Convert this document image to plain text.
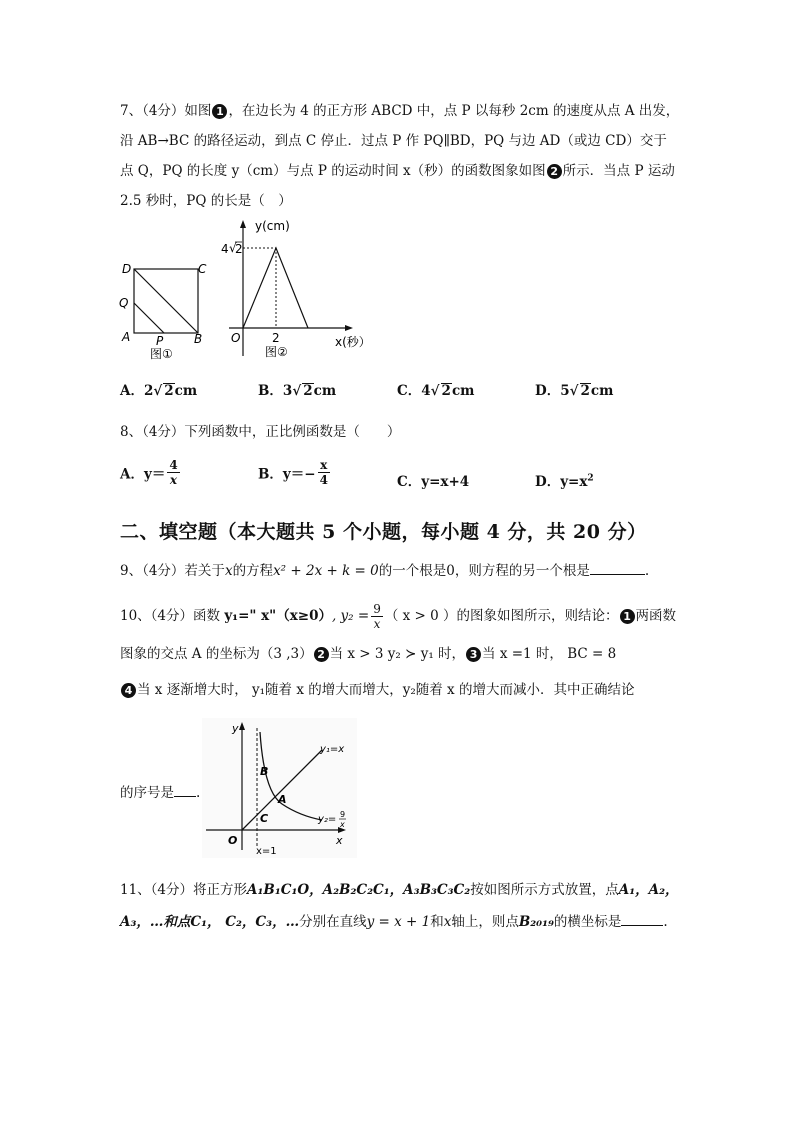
7、（4分）如图 1 ，在边长为 4 的正方形 ABCD 中，点 P 以每秒 2cm 的速度从点 A 出发，
沿 AB→BC 的路径运动，到点 C 停止．过点 P 作 PQ∥BD，PQ 与边 AD（或边 CD）交于
点 Q，PQ 的长度 y（cm）与点 P 的运动时间 x（秒）的函数图象如图 2 所示．当点 P 运动
2.5 秒时，PQ 的长是（　）
D	C
Q
A P	B
图①
y(cm)
4 √
2
O	2	x(秒）
图②
A．2√ 2cm	B．3√ 2cm	C．4√ 2cm	D．5√ 2cm
8、（4分）下列函数中，正比例函数是（　　）
A．$y= \frac{4}{x}$	B．$y=- \frac{x}{4}$	C．y=x+4	D．$y=x^2$
二、填空题（本大题共 5 个小题，每小题 4 分，共 20 分）
9、（4分）若关于x的方程x² + 2x + k = 0的一个根是0，则方程的另一个根是	.
10、（4分）函数 y₁=" x"（x≥0）, $y_2 = \frac{9}{x}$ （ x > 0 ）的图象如图所示，则结论： 1 两函数
图象的交点 A 的坐标为（3 ,3） 2 当 x > 3 y₂ ≻ y₁ 时， 3 当 x =1 时， BC = 8
4 当 x 逐渐增大时， y₁随着 x 的增大而增大，y₂随着 x 的增大而减小．其中正确结论
的序号是 .
y
y₁=x
y₂= 9
x
B
A
C
O	x
x=1
11、（4分）将正方形A₁B₁C₁O，A₂B₂C₂C₁，A₃B₃C₃C₂按如图所示方式放置，点A₁，A₂，
A₃，…和点C₁， C₂，C₃，…分别在直线y = x + 1和x轴上，则点B₂₀₁₉的横坐标是	.
